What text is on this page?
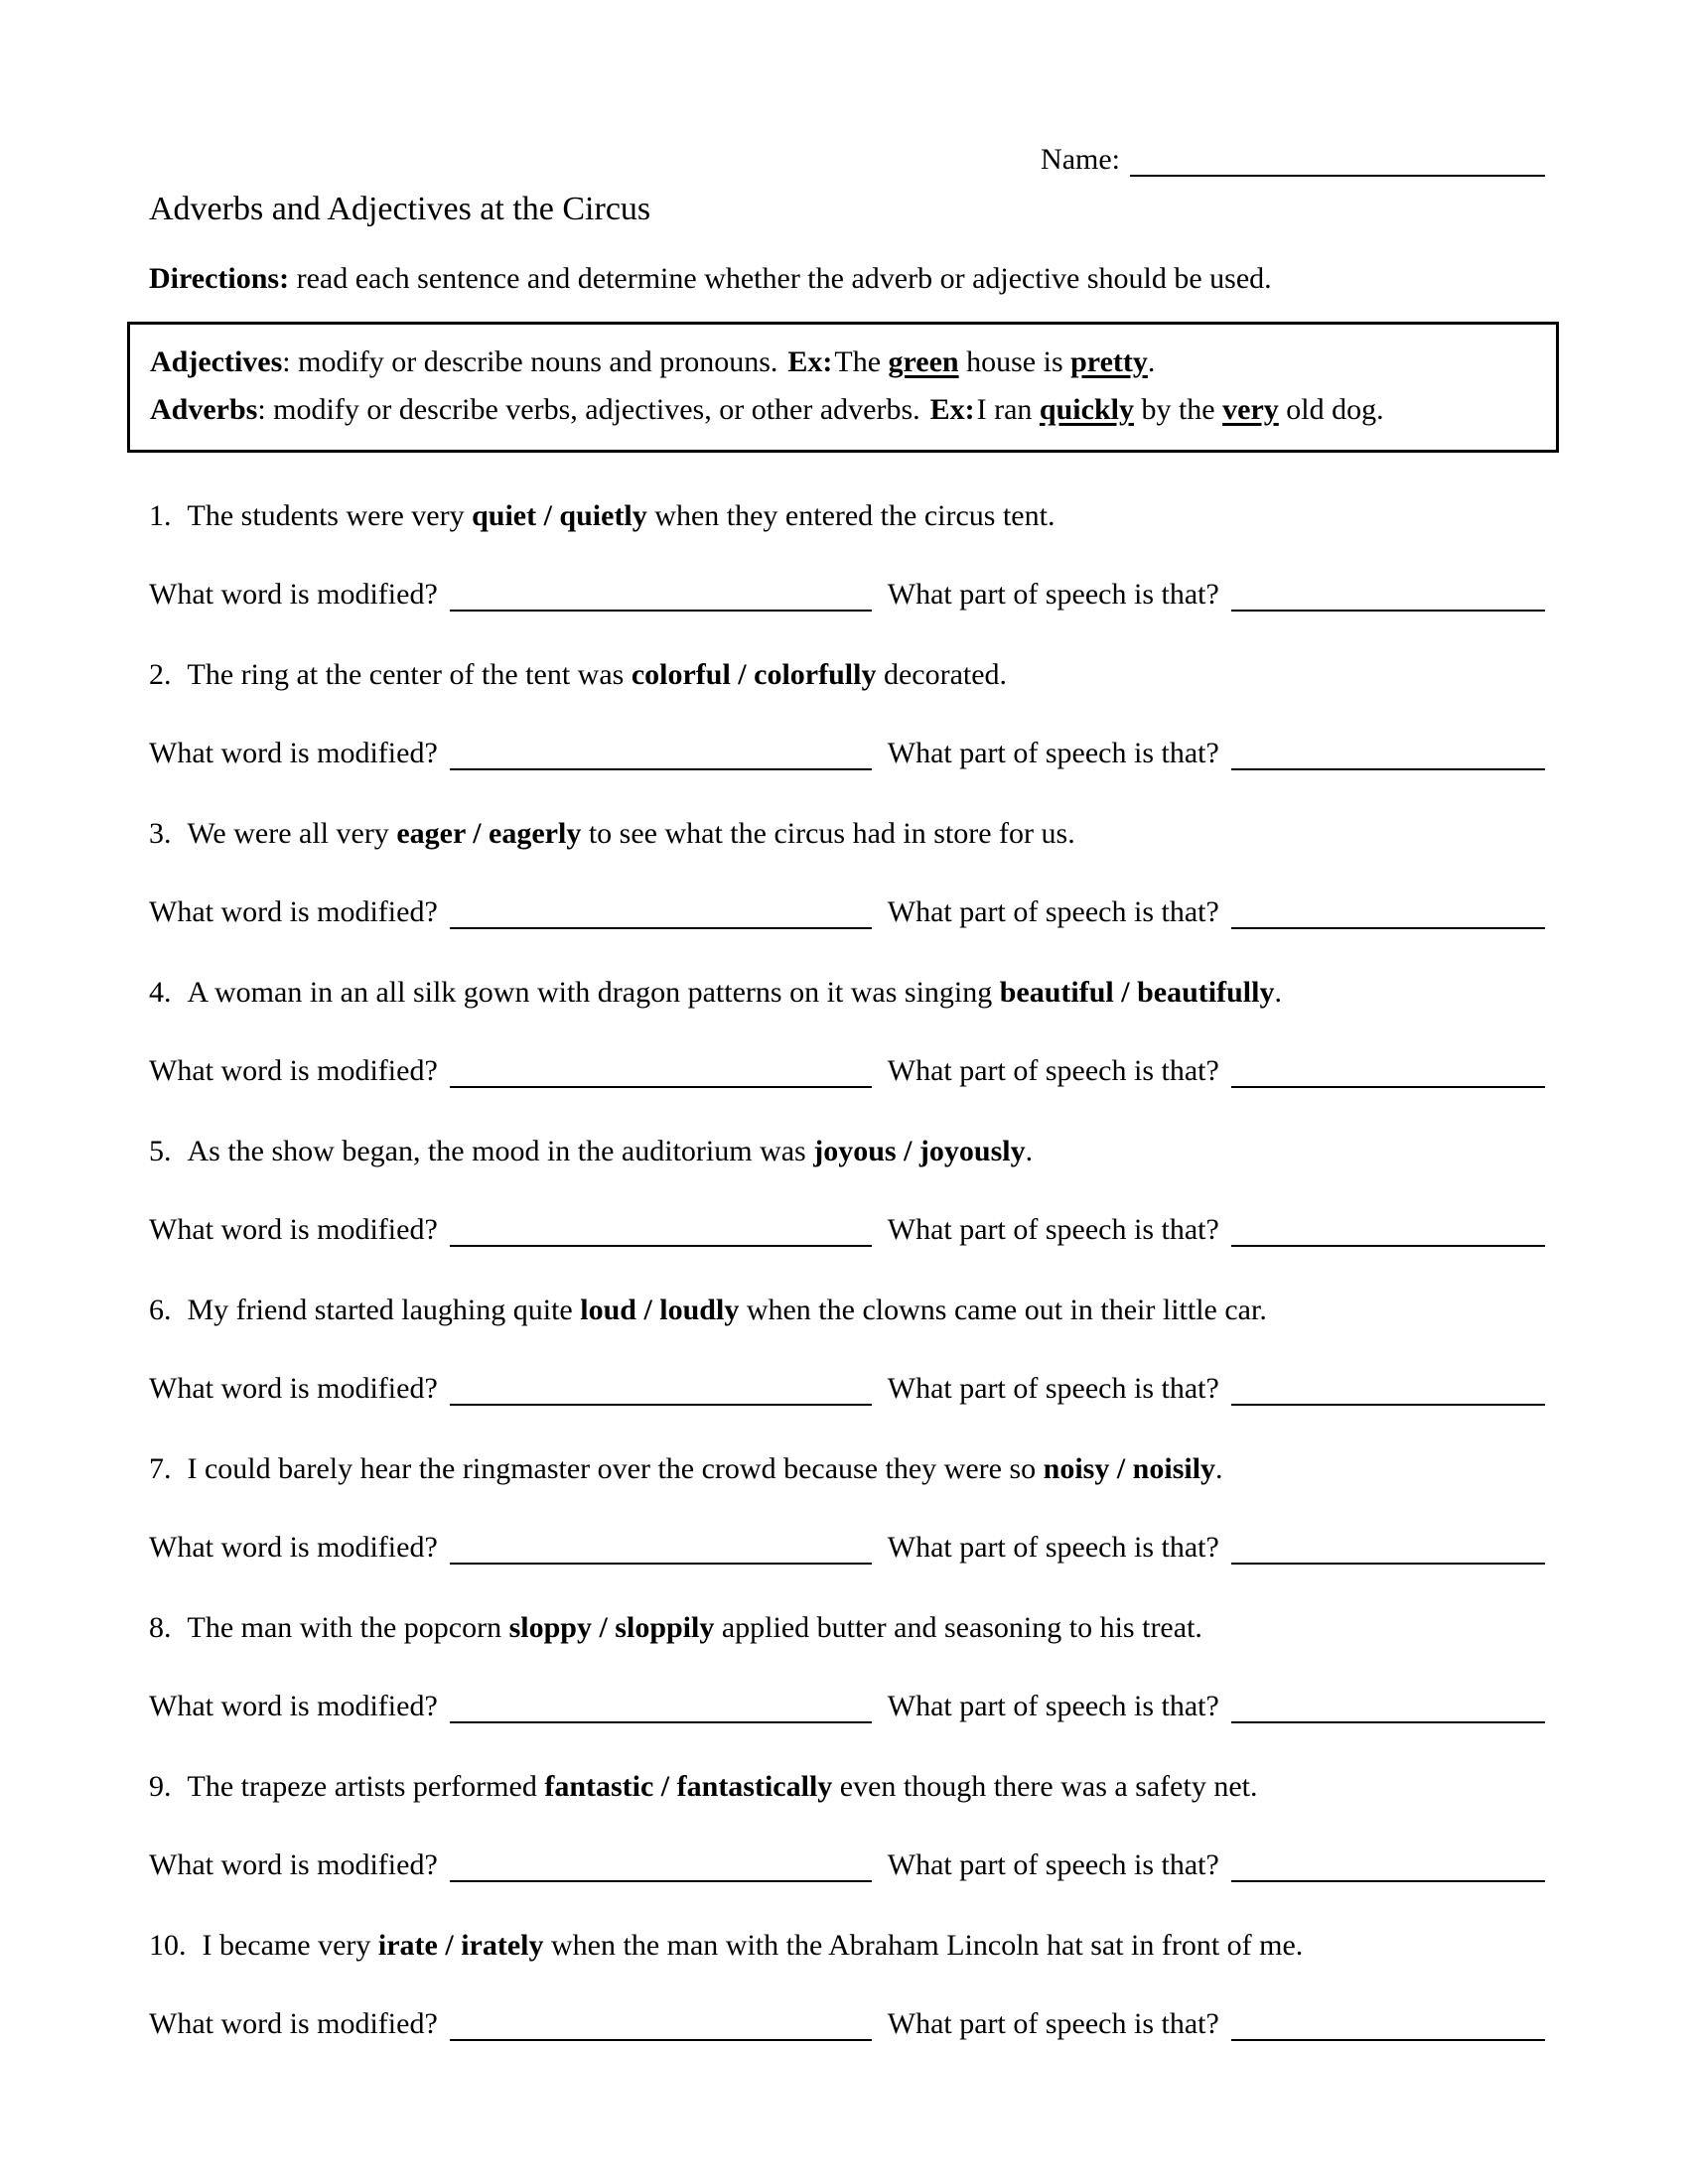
Name:
Adverbs and Adjectives at the Circus
Directions: read each sentence and determine whether the adverb or adjective should be used.
Adjectives: modify or describe nouns and pronouns. Ex:The green house is pretty.
Adverbs: modify or describe verbs, adjectives, or other adverbs. Ex:I ran quickly by the very old dog.
1. The students were very quiet / quietly when they entered the circus tent.
What word is modified?	What part of speech is that?
2. The ring at the center of the tent was colorful / colorfully decorated.
What word is modified?	What part of speech is that?
3. We were all very eager / eagerly to see what the circus had in store for us.
What word is modified?	What part of speech is that?
4. A woman in an all silk gown with dragon patterns on it was singing beautiful / beautifully.
What word is modified?	What part of speech is that?
5. As the show began, the mood in the auditorium was joyous / joyously.
What word is modified?	What part of speech is that?
6. My friend started laughing quite loud / loudly when the clowns came out in their little car.
What word is modified?	What part of speech is that?
7. I could barely hear the ringmaster over the crowd because they were so noisy / noisily.
What word is modified?	What part of speech is that?
8. The man with the popcorn sloppy / sloppily applied butter and seasoning to his treat.
What word is modified?	What part of speech is that?
9. The trapeze artists performed fantastic / fantastically even though there was a safety net.
What word is modified?	What part of speech is that?
10. I became very irate / irately when the man with the Abraham Lincoln hat sat in front of me.
What word is modified?	What part of speech is that?
